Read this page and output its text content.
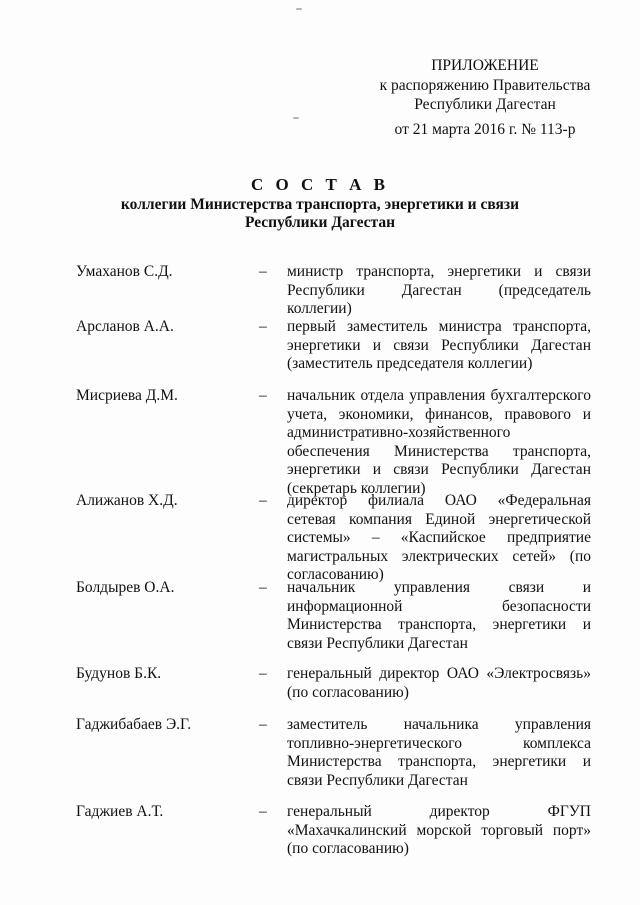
ПРИЛОЖЕНИЕ
к распоряжению Правительства
Республики Дагестан
от 21 марта 2016 г. № 113-р
С О С Т А В
коллегии Министерства транспорта, энергетики и связи
Республики Дагестан
Умаханов С.Д.	– министр транспорта, энергетики и связи Республики Дагестан (председатель коллегии)
Арсланов А.А.	– первый заместитель министра транспорта, энергетики и связи Республики Дагестан (заместитель председателя коллегии)
Мисриева Д.М.	– начальник отдела управления бухгалтерского учета, экономики, финансов, правового и административно-хозяйственного обеспечения Министерства транспорта, энергетики и связи Республики Дагестан (секретарь коллегии)
Алижанов Х.Д.	– директор филиала ОАО «Федеральная сетевая компания Единой энергетической системы» – «Каспийское предприятие магистральных электрических сетей» (по согласованию)
Болдырев О.А.	– начальник управления связи и информационной безопасности Министерства транспорта, энергетики и связи Республики Дагестан
Будунов Б.К.	– генеральный директор ОАО «Электросвязь» (по согласованию)
Гаджибабаев Э.Г.	– заместитель начальника управления топливно-энергетического комплекса Министерства транспорта, энергетики и связи Республики Дагестан
Гаджиев А.Т.	– генеральный директор ФГУП «Махачкалинский морской торговый порт» (по согласованию)
